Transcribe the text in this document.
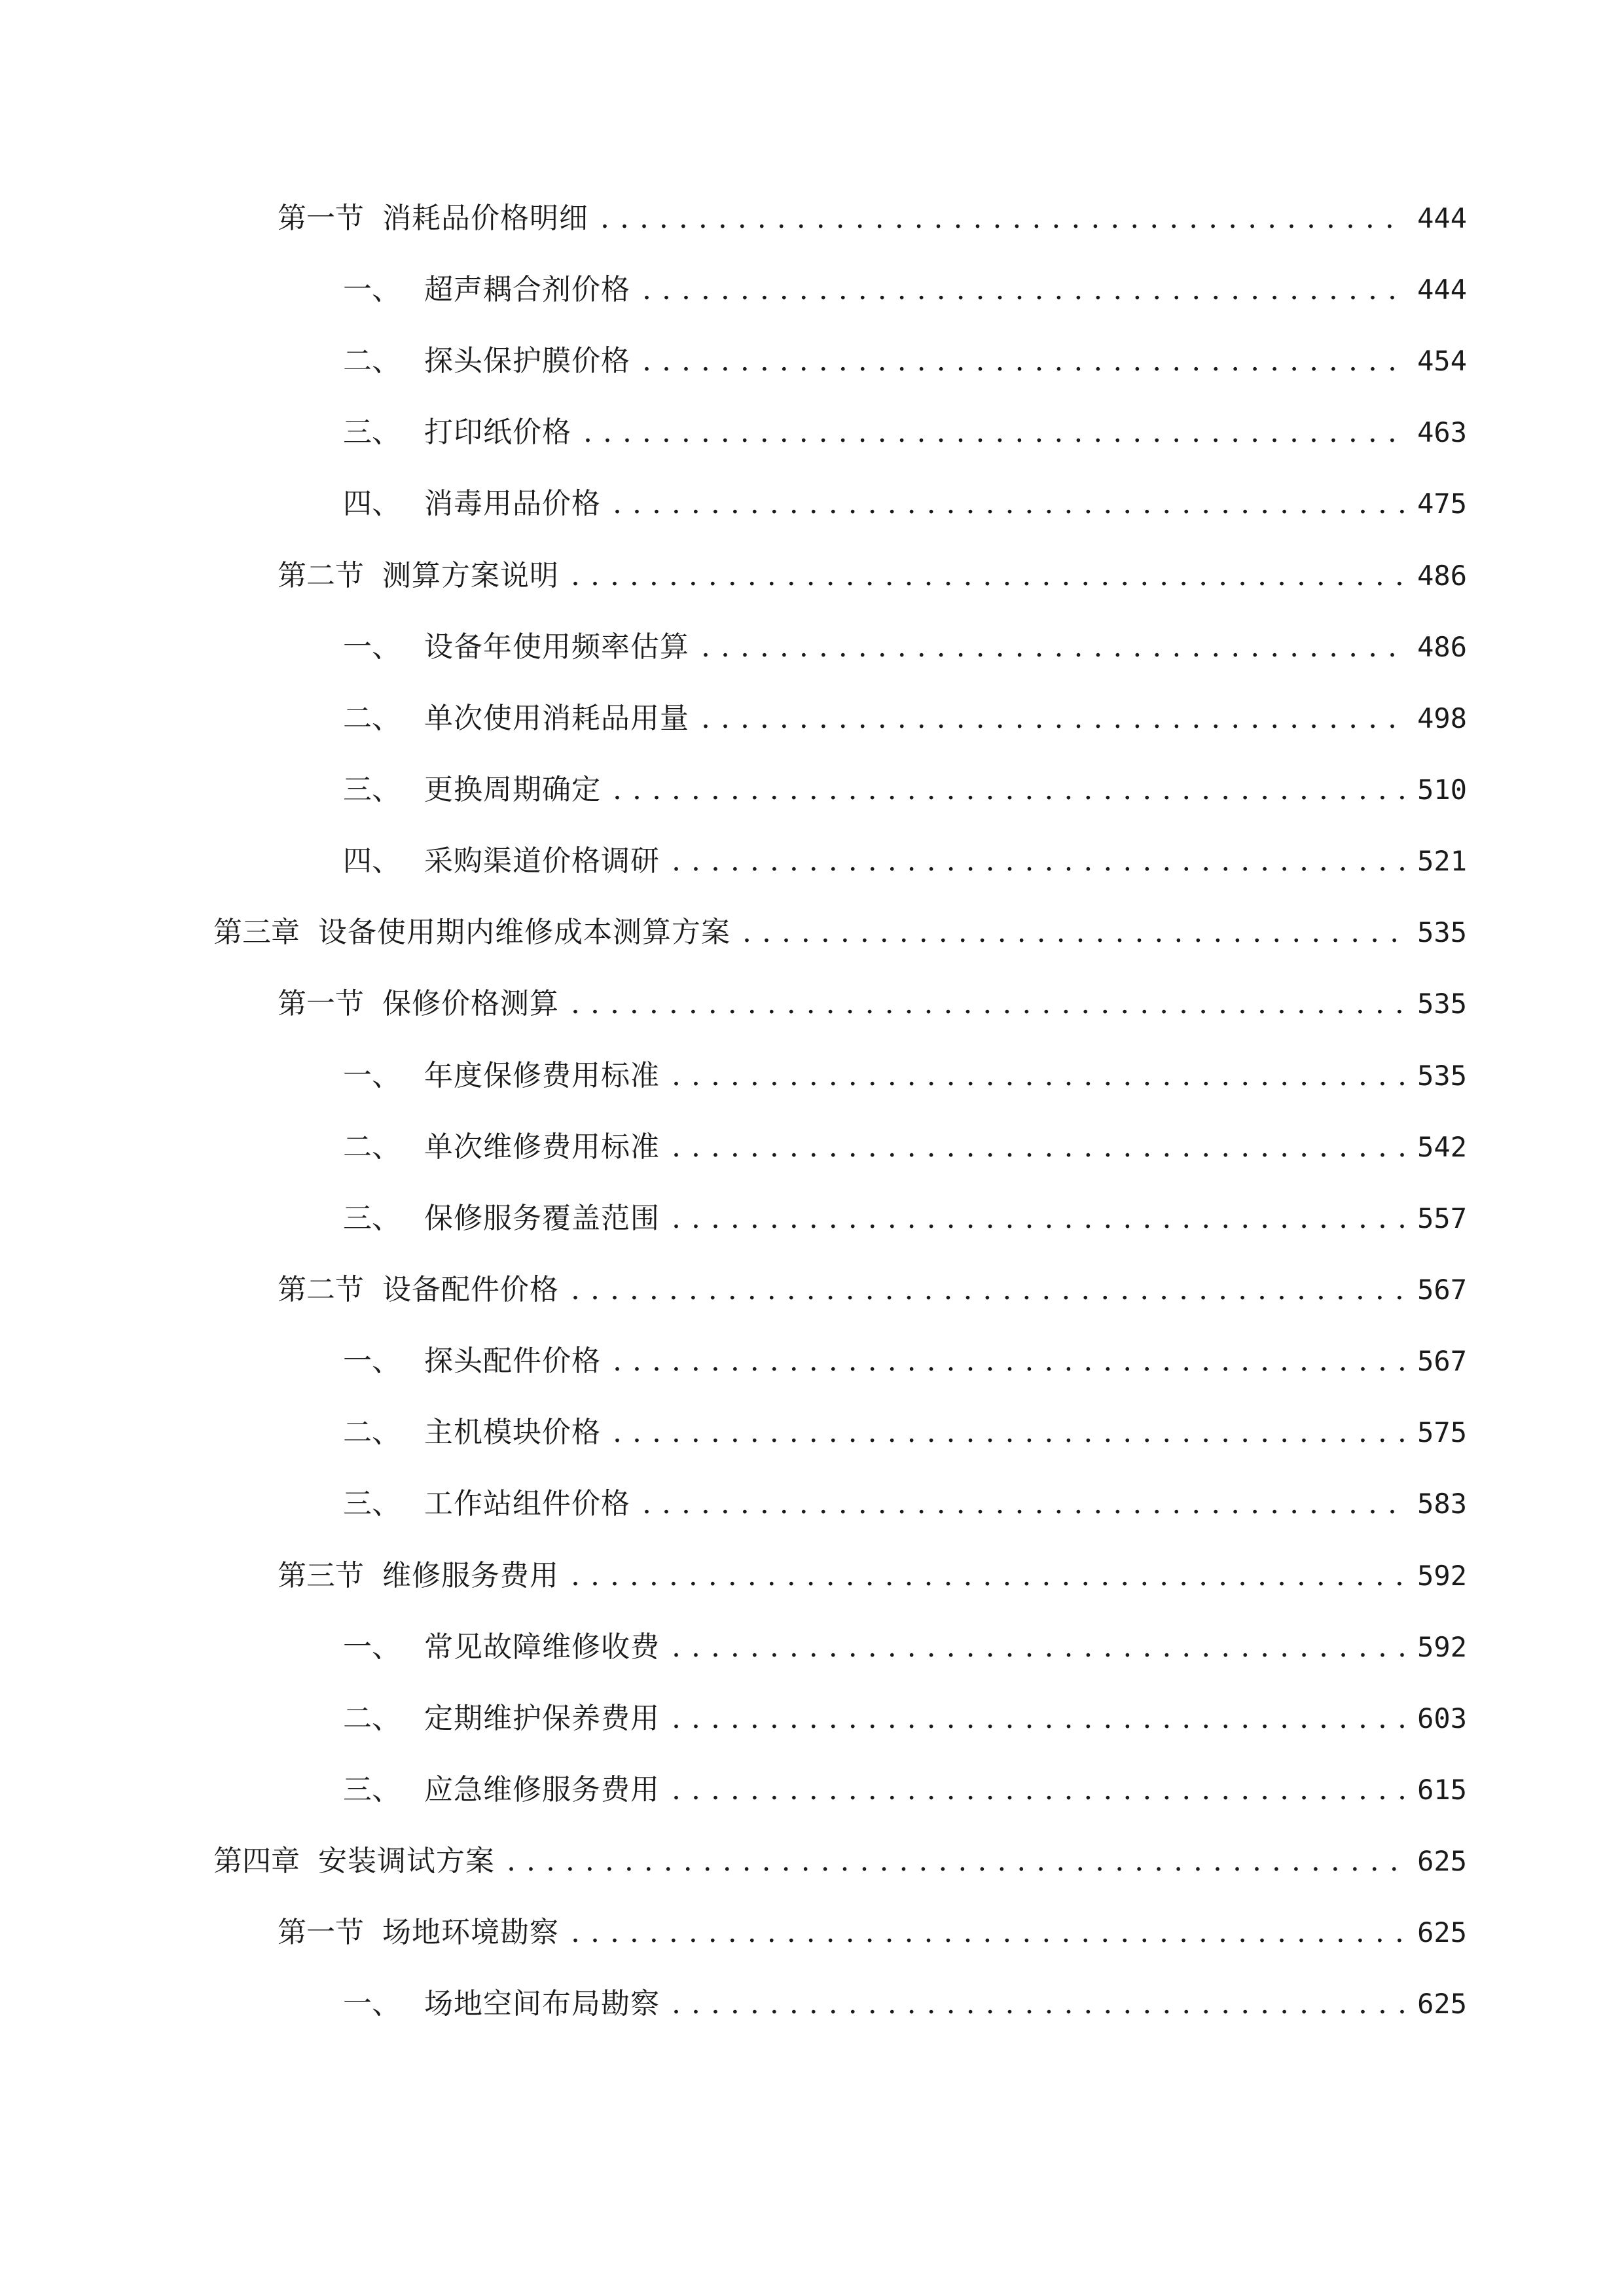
第一节 消耗品价格明细 . . .	444
一、 超声耦合剂价格 . . .	444
二、 探头保护膜价格 . . .	454
三、 打印纸价格 . . .	463
四、 消毒用品价格 . . .	475
第二节 测算方案说明 . . .	486
一、 设备年使用频率估算 . . .	486
二、 单次使用消耗品用量 . . .	498
三、 更换周期确定 . . .	510
四、 采购渠道价格调研 . . .	521
第三章 设备使用期内维修成本测算方案 . . .	535
第一节 保修价格测算 . . .	535
一、 年度保修费用标准 . . .	535
二、 单次维修费用标准 . . .	542
三、 保修服务覆盖范围 . . .	557
第二节 设备配件价格 . . .	567
一、 探头配件价格 . . .	567
二、 主机模块价格 . . .	575
三、 工作站组件价格 . . .	583
第三节 维修服务费用 . . .	592
一、 常见故障维修收费 . . .	592
二、 定期维护保养费用 . . .	603
三、 应急维修服务费用 . . .	615
第四章 安装调试方案 . . .	625
第一节 场地环境勘察 . . .	625
一、 场地空间布局勘察 . . .	625
